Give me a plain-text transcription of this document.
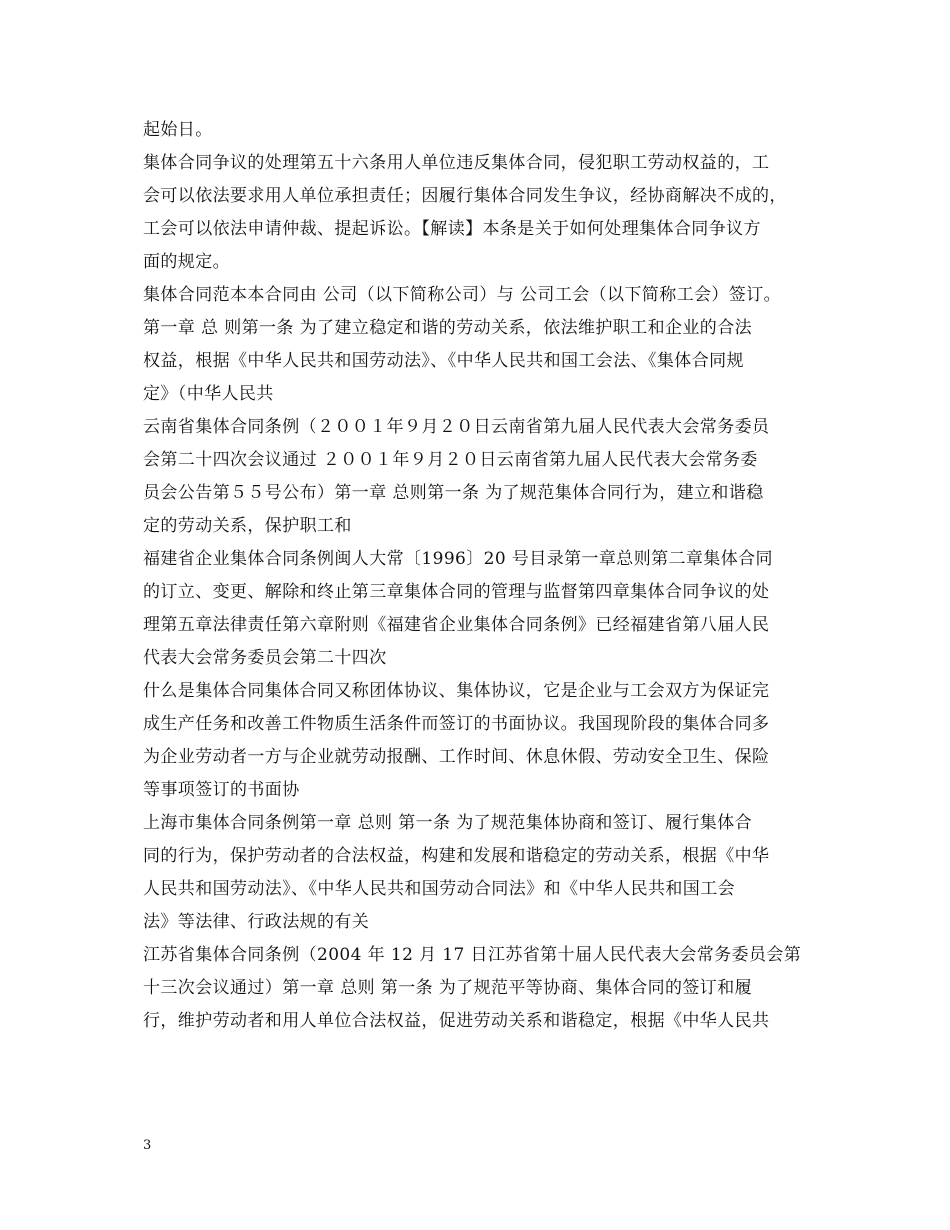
起始日。
集体合同争议的处理第五十六条用人单位违反集体合同，侵犯职工劳动权益的，工
会可以依法要求用人单位承担责任；因履行集体合同发生争议，经协商解决不成的，
工会可以依法申请仲裁、提起诉讼。【解读】本条是关于如何处理集体合同争议方
面的规定。
集体合同范本本合同由 公司（以下简称公司）与 公司工会（以下简称工会）签订。
第一章 总 则第一条 为了建立稳定和谐的劳动关系，依法维护职工和企业的合法
权益，根据《中华人民共和国劳动法》、《中华人民共和国工会法、《集体合同规
定》（中华人民共
云南省集体合同条例（２００１年９月２０日云南省第九届人民代表大会常务委员
会第二十四次会议通过 ２００１年９月２０日云南省第九届人民代表大会常务委
员会公告第５５号公布）第一章 总则第一条 为了规范集体合同行为，建立和谐稳
定的劳动关系，保护职工和
福建省企业集体合同条例闽人大常〔1996〕20 号目录第一章总则第二章集体合同
的订立、变更、解除和终止第三章集体合同的管理与监督第四章集体合同争议的处
理第五章法律责任第六章附则《福建省企业集体合同条例》已经福建省第八届人民
代表大会常务委员会第二十四次
什么是集体合同集体合同又称团体协议、集体协议，它是企业与工会双方为保证完
成生产任务和改善工件物质生活条件而签订的书面协议。我国现阶段的集体合同多
为企业劳动者一方与企业就劳动报酬、工作时间、休息休假、劳动安全卫生、保险
等事项签订的书面协
上海市集体合同条例第一章 总则 第一条 为了规范集体协商和签订、履行集体合
同的行为，保护劳动者的合法权益，构建和发展和谐稳定的劳动关系，根据《中华
人民共和国劳动法》、《中华人民共和国劳动合同法》和《中华人民共和国工会
法》等法律、行政法规的有关
江苏省集体合同条例（2004 年 12 月 17 日江苏省第十届人民代表大会常务委员会第
十三次会议通过）第一章 总则 第一条 为了规范平等协商、集体合同的签订和履
行，维护劳动者和用人单位合法权益，促进劳动关系和谐稳定，根据《中华人民共
3
